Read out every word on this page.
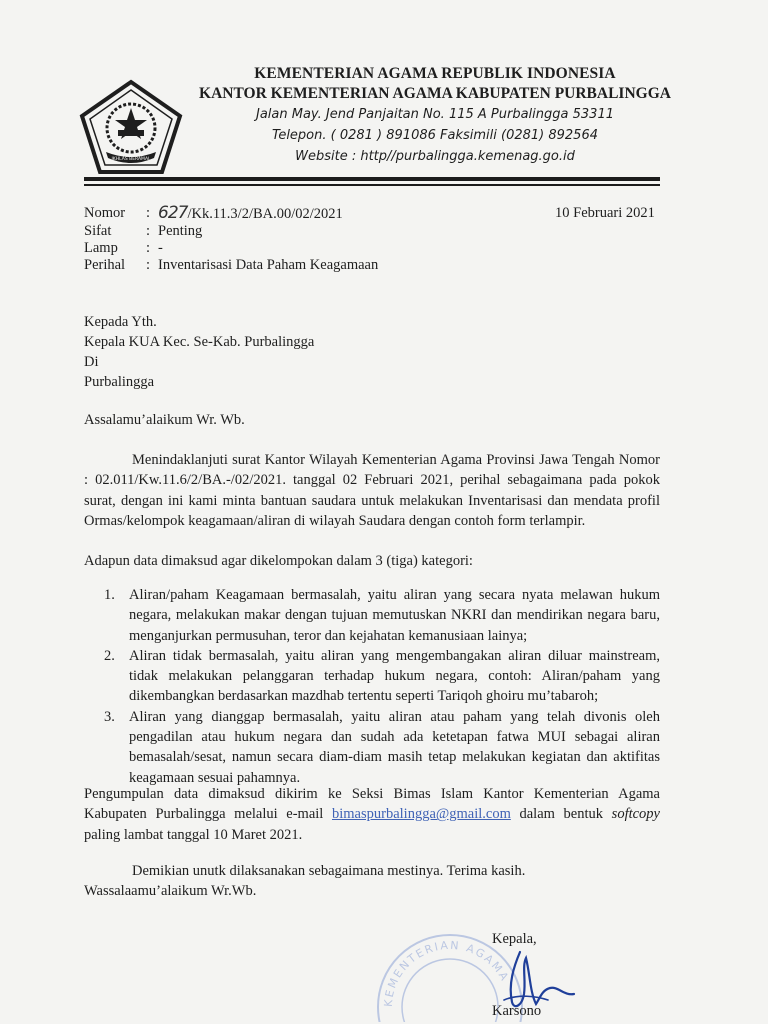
IKHLAS BERAMAL
KEMENTERIAN AGAMA REPUBLIK INDONESIA
KANTOR KEMENTERIAN AGAMA KABUPATEN PURBALINGGA
Jalan May. Jend Panjaitan No. 115 A Purbalingga 53311
Telepon. ( 0281 ) 891086 Faksimili (0281) 892564
Website : http//purbalingga.kemenag.go.id
Nomor	: 627/Kk.11.3/2/BA.00/02/2021
Sifat	: Penting
Lamp	: -
Perihal	: Inventarisasi Data Paham Keagamaan
10 Februari 2021
Kepada Yth.
Kepala KUA Kec. Se-Kab. Purbalingga
Di
Purbalingga
Assalamu’alaikum Wr. Wb.
Menindaklanjuti surat Kantor Wilayah Kementerian Agama Provinsi Jawa Tengah Nomor : 02.011/Kw.11.6/2/BA.-/02/2021. tanggal 02 Februari 2021, perihal sebagaimana pada pokok surat, dengan ini kami minta bantuan saudara untuk melakukan Inventarisasi dan mendata profil Ormas/kelompok keagamaan/aliran di wilayah Saudara dengan contoh form terlampir.
Adapun data dimaksud agar dikelompokan dalam 3 (tiga) kategori:
1. Aliran/paham Keagamaan bermasalah, yaitu aliran yang secara nyata melawan hukum negara, melakukan makar dengan tujuan memutuskan NKRI dan mendirikan negara baru, menganjurkan permusuhan, teror dan kejahatan kemanusiaan lainya;
2. Aliran tidak bermasalah, yaitu aliran yang mengembangakan aliran diluar mainstream, tidak melakukan pelanggaran terhadap hukum negara, contoh: Aliran/paham yang dikembangkan berdasarkan mazdhab tertentu seperti Tariqoh ghoiru mu’tabaroh;
3. Aliran yang dianggap bermasalah, yaitu aliran atau paham yang telah divonis oleh pengadilan atau hukum negara dan sudah ada ketetapan fatwa MUI sebagai aliran bemasalah/sesat, namun secara diam-diam masih tetap melakukan kegiatan dan aktifitas keagamaan sesuai pahamnya.
Pengumpulan data dimaksud dikirim ke Seksi Bimas Islam Kantor Kementerian Agama Kabupaten Purbalingga melalui e-mail bimaspurbalingga@gmail.com dalam bentuk softcopy paling lambat tanggal 10 Maret 2021.
Demikian unutk dilaksanakan sebagaimana mestinya. Terima kasih.
Wassalaamu’alaikum Wr.Wb.
KEMENTERIAN AGAMA
Kepala,
Karsono
